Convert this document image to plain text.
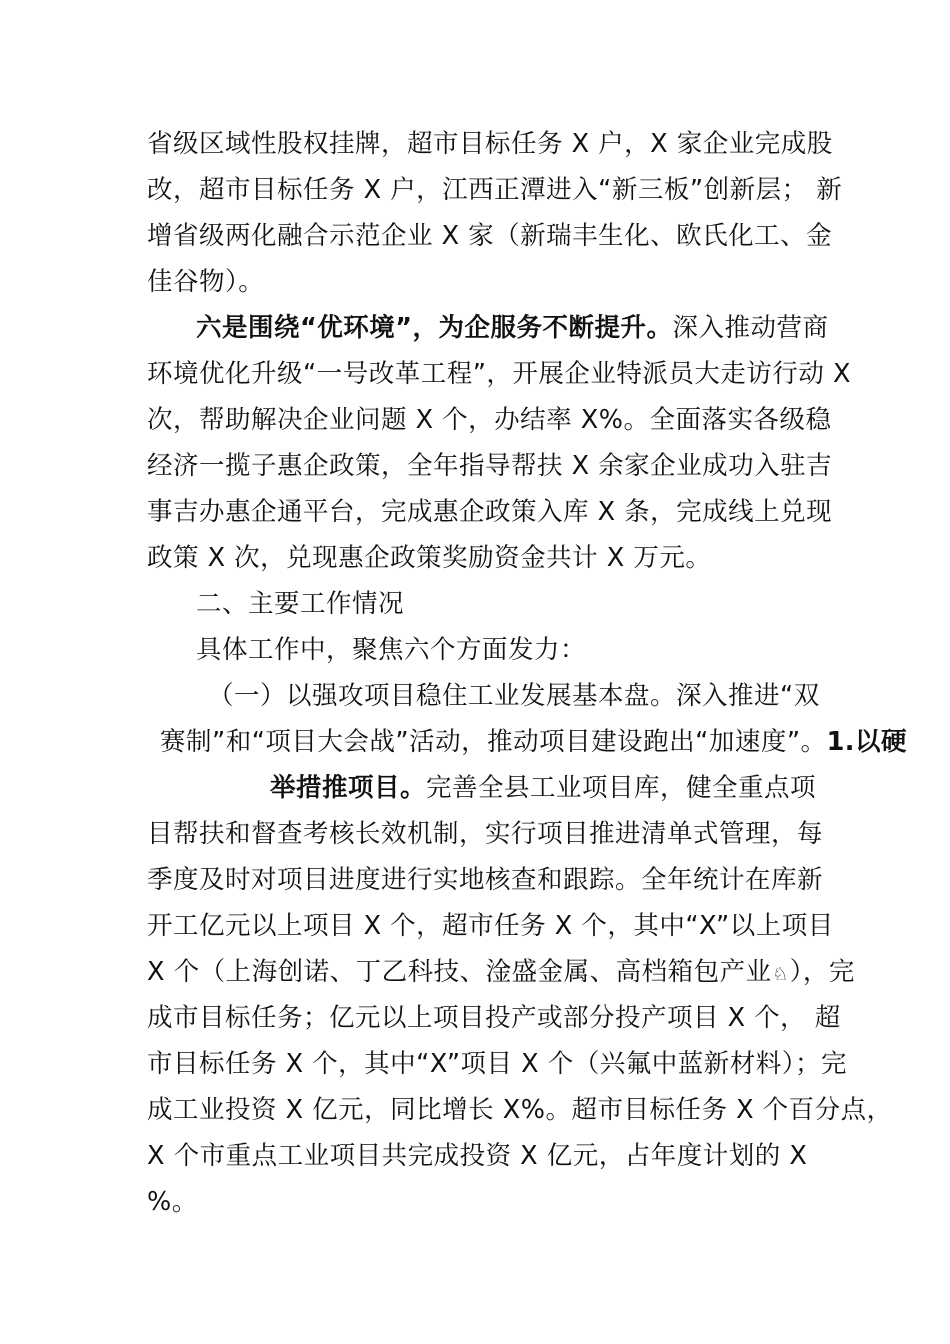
省级区域性股权挂牌，超市目标任务 X 户，X 家企业完成股
改，超市目标任务 X 户，江西正潭进入“新三板”创新层； 新
增省级两化融合示范企业 X 家（新瑞丰生化、欧氏化工、金
佳谷物）。
六是围绕“优环境”，为企服务不断提升。深入推动营商
环境优化升级“一号改革工程”，开展企业特派员大走访行动 X
次，帮助解决企业问题 X 个，办结率 X%。全面落实各级稳
经济一揽子惠企政策，全年指导帮扶 X 余家企业成功入驻吉
事吉办惠企通平台，完成惠企政策入库 X 条，完成线上兑现
政策 X 次，兑现惠企政策奖励资金共计 X 万元。
二、主要工作情况
具体工作中，聚焦六个方面发力：
（一）以强攻项目稳住工业发展基本盘。深入推进“双
赛制”和“项目大会战”活动，推动项目建设跑出“加速度”。1.以硬
举措推项目。完善全县工业项目库，健全重点项
目帮扶和督查考核长效机制，实行项目推进清单式管理，每
季度及时对项目进度进行实地核查和跟踪。全年统计在库新
开工亿元以上项目 X 个，超市任务 X 个，其中“X”以上项目
X 个（上海创诺、丁乙科技、淦盛金属、高档箱包产业♘），完
成市目标任务；亿元以上项目投产或部分投产项目 X 个， 超
市目标任务 X 个，其中“X”项目 X 个（兴氟中蓝新材料）；完
成工业投资 X 亿元，同比增长 X%。超市目标任务 X 个百分点，
X 个市重点工业项目共完成投资 X 亿元，占年度计划的 X
%。
